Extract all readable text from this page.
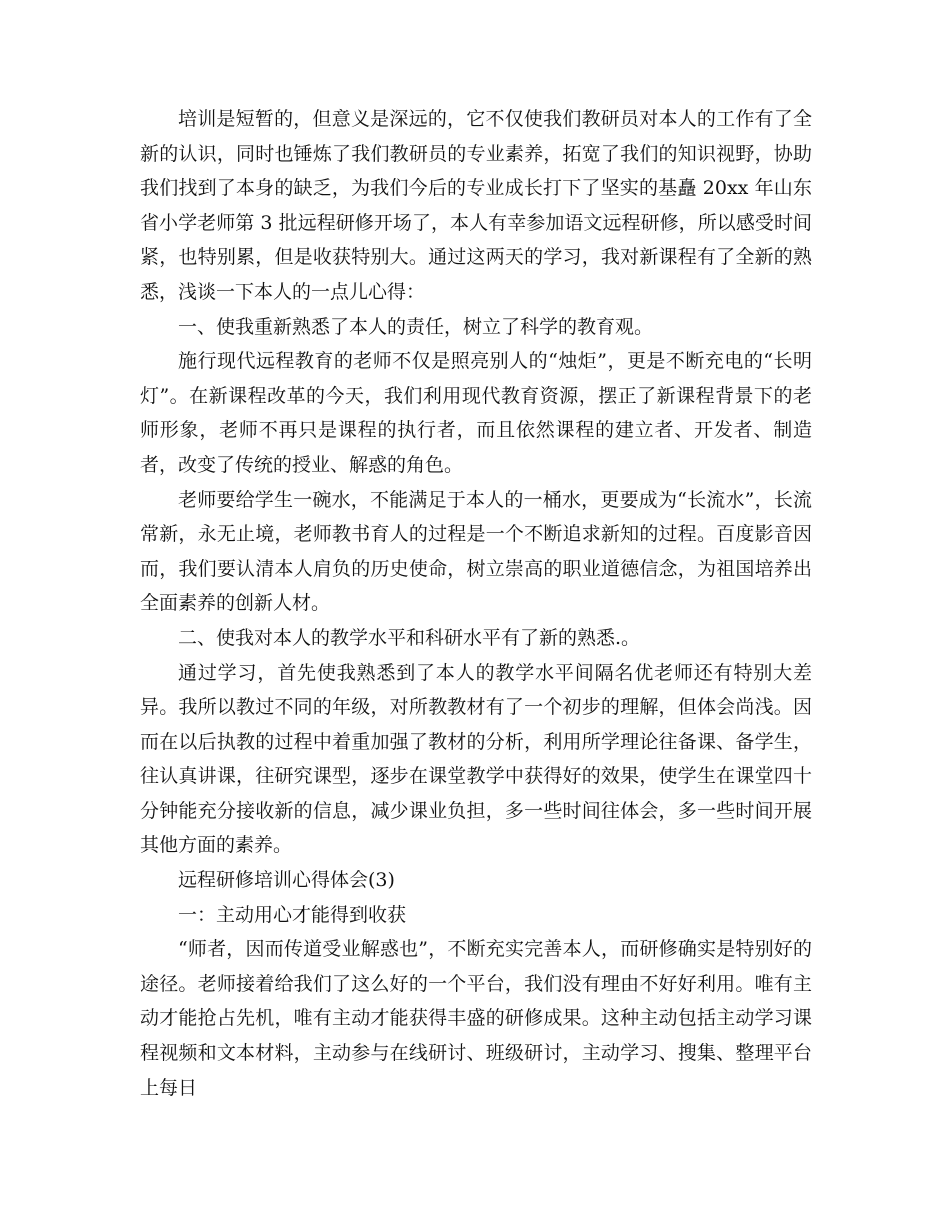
培训是短暂的，但意义是深远的，它不仅使我们教研员对本人的工作有了全新的认识，同时也锤炼了我们教研员的专业素养，拓宽了我们的知识视野，协助我们找到了本身的缺乏，为我们今后的专业成长打下了坚实的基矗 20xx 年山东省小学老师第 3 批远程研修开场了，本人有幸参加语文远程研修，所以感受时间紧，也特别累，但是收获特别大。通过这两天的学习，我对新课程有了全新的熟悉，浅谈一下本人的一点儿心得：

一、使我重新熟悉了本人的责任，树立了科学的教育观。

施行现代远程教育的老师不仅是照亮别人的“烛炬”，更是不断充电的“长明灯”。在新课程改革的今天，我们利用现代教育资源，摆正了新课程背景下的老师形象，老师不再只是课程的执行者，而且依然课程的建立者、开发者、制造者，改变了传统的授业、解惑的角色。

老师要给学生一碗水，不能满足于本人的一桶水，更要成为“长流水”，长流常新，永无止境，老师教书育人的过程是一个不断追求新知的过程。百度影音因而，我们要认清本人肩负的历史使命，树立崇高的职业道德信念，为祖国培养出全面素养的创新人材。

二、使我对本人的教学水平和科研水平有了新的熟悉.。

通过学习，首先使我熟悉到了本人的教学水平间隔名优老师还有特别大差异。我所以教过不同的年级，对所教教材有了一个初步的理解，但体会尚浅。因而在以后执教的过程中着重加强了教材的分析，利用所学理论往备课、备学生，往认真讲课，往研究课型，逐步在课堂教学中获得好的效果，使学生在课堂四十分钟能充分接收新的信息，减少课业负担，多一些时间往体会，多一些时间开展其他方面的素养。

远程研修培训心得体会(3)

一：主动用心才能得到收获

“师者，因而传道受业解惑也”，不断充实完善本人，而研修确实是特别好的途径。老师接着给我们了这么好的一个平台，我们没有理由不好好利用。唯有主动才能抢占先机，唯有主动才能获得丰盛的研修成果。这种主动包括主动学习课程视频和文本材料，主动参与在线研讨、班级研讨，主动学习、搜集、整理平台上每日
